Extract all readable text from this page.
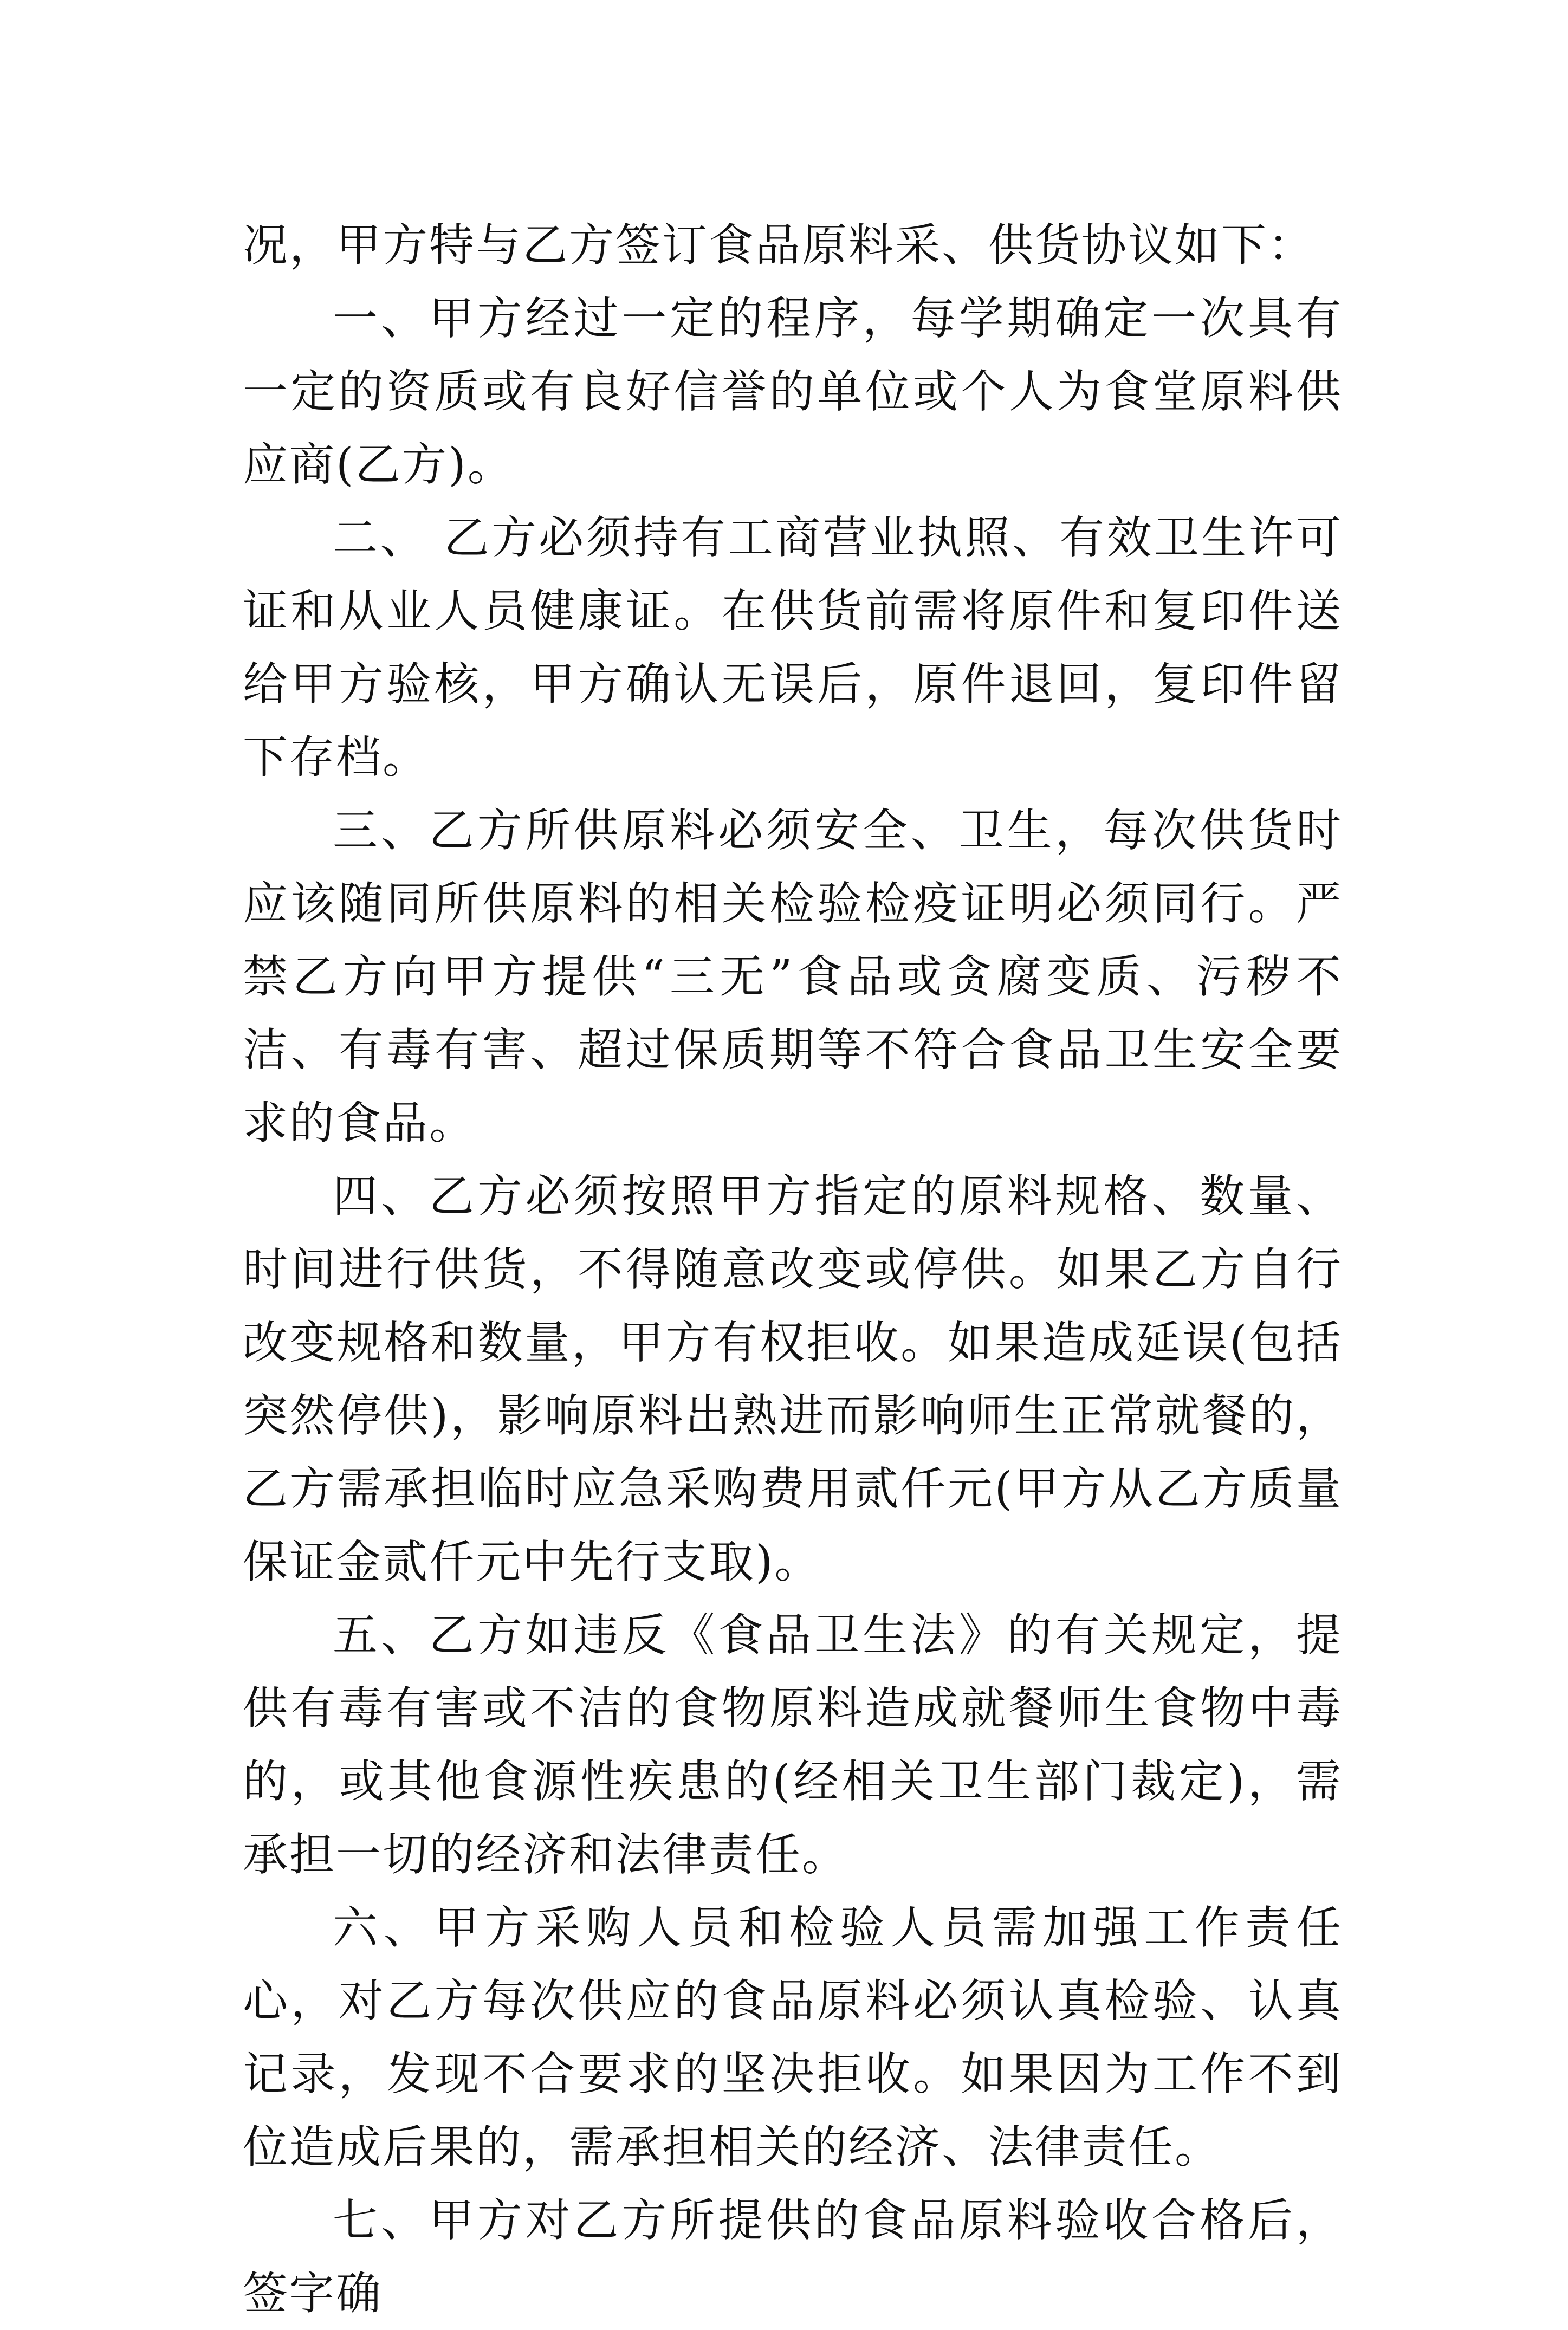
况，甲方特与乙方签订食品原料采、供货协议如下：

一、甲方经过一定的程序，每学期确定一次具有一定的资质或有良好信誉的单位或个人为食堂原料供应商(乙方)。

二、 乙方必须持有工商营业执照、有效卫生许可证和从业人员健康证。在供货前需将原件和复印件送给甲方验核，甲方确认无误后，原件退回，复印件留下存档。

三、乙方所供原料必须安全、卫生，每次供货时应该随同所供原料的相关检验检疫证明必须同行。严禁乙方向甲方提供“三无”食品或贪腐变质、污秽不洁、有毒有害、超过保质期等不符合食品卫生安全要求的食品。

四、乙方必须按照甲方指定的原料规格、数量、时间进行供货，不得随意改变或停供。如果乙方自行改变规格和数量，甲方有权拒收。如果造成延误(包括突然停供)，影响原料出熟进而影响师生正常就餐的，乙方需承担临时应急采购费用贰仟元(甲方从乙方质量保证金贰仟元中先行支取)。

五、乙方如违反《食品卫生法》的有关规定，提供有毒有害或不洁的食物原料造成就餐师生食物中毒的，或其他食源性疾患的(经相关卫生部门裁定)，需承担一切的经济和法律责任。

六、甲方采购人员和检验人员需加强工作责任心，对乙方每次供应的食品原料必须认真检验、认真记录，发现不合要求的坚决拒收。如果因为工作不到位造成后果的，需承担相关的经济、法律责任。

七、甲方对乙方所提供的食品原料验收合格后，签字确
